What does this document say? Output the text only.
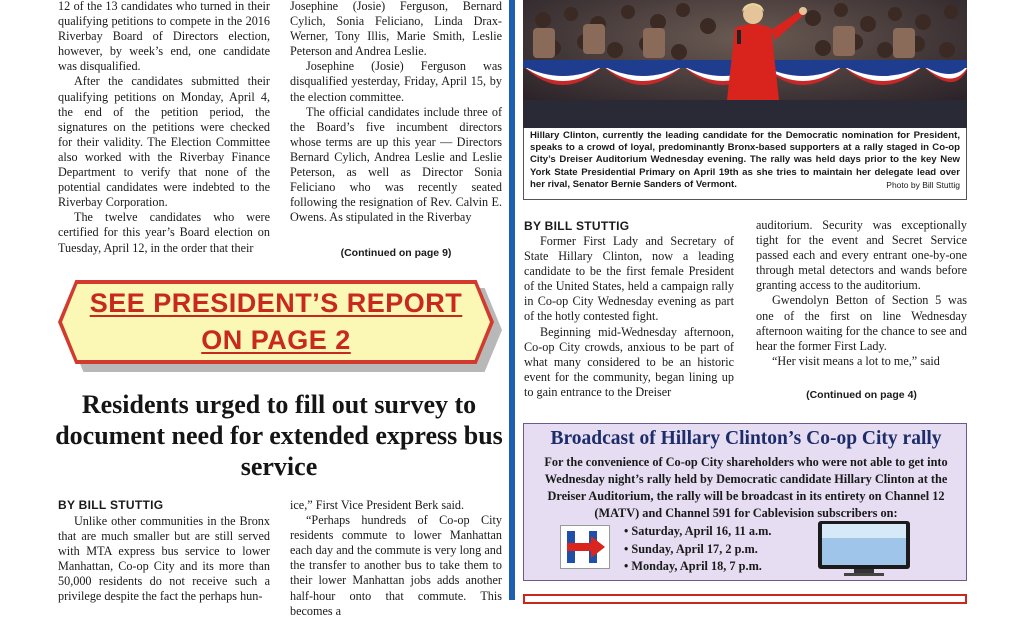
12 of the 13 candidates who turned in their qualifying petitions to compete in the 2016 Riverbay Board of Directors election, however, by week’s end, one candidate was disqualified.

After the candidates submitted their qualifying petitions on Monday, April 4, the end of the petition period, the signatures on the petitions were checked for their validity. The Election Committee also worked with the Riverbay Finance Department to verify that none of the potential candidates were indebted to the Riverbay Corporation.

The twelve candidates who were certified for this year’s Board election on Tuesday, April 12, in the order that their

Josephine (Josie) Ferguson, Bernard Cylich, Sonia Feliciano, Linda Drax-Werner, Tony Illis, Marie Smith, Leslie Peterson and Andrea Leslie.

Josephine (Josie) Ferguson was disqualified yesterday, Friday, April 15, by the election committee.

The official candidates include three of the Board’s five incumbent directors whose terms are up this year — Directors Bernard Cylich, Andrea Leslie and Leslie Peterson, as well as Director Sonia Feliciano who was recently seated following the resignation of Rev. Calvin E. Owens. As stipulated in the Riverbay

(Continued on page 9)
SEE PRESIDENT’S REPORT
ON PAGE 2
Residents urged to fill out survey to document need for extended express bus service
BY BILL STUTTIG

Unlike other communities in the Bronx that are much smaller but are still served with MTA express bus service to lower Manhattan, Co-op City and its more than 50,000 residents do not receive such a privilege despite the fact the perhaps hun-

ice,” First Vice President Berk said.

“Perhaps hundreds of Co-op City residents commute to lower Manhattan each day and the commute is very long and the transfer to another bus to take them to their lower Manhattan jobs adds another half-hour onto that commute. This becomes a

Hillary Clinton, currently the leading candidate for the Democratic nomination for President, speaks to a crowd of loyal, predominantly Bronx-based supporters at a rally staged in Co-op City’s Dreiser Auditorium Wednesday evening. The rally was held days prior to the key New York State Presidential Primary on April 19th as she tries to maintain her delegate lead over her rival, Senator Bernie Sanders of Vermont.	Photo by Bill Stuttig
BY BILL STUTTIG

Former First Lady and Secretary of State Hillary Clinton, now a leading candidate to be the first female President of the United States, held a campaign rally in Co-op City Wednesday evening as part of the hotly contested fight.

Beginning mid-Wednesday afternoon, Co-op City crowds, anxious to be part of what many considered to be an historic event for the community, began lining up to gain entrance to the Dreiser

auditorium. Security was exceptionally tight for the event and Secret Service passed each and every entrant one-by-one through metal detectors and wands before granting access to the auditorium.

Gwendolyn Betton of Section 5 was one of the first on line Wednesday afternoon waiting for the chance to see and hear the former First Lady.

“Her visit means a lot to me,” said

(Continued on page 4)
Broadcast of Hillary Clinton’s Co-op City rally
For the convenience of Co-op City shareholders who were not able to get into Wednesday night’s rally held by Democratic candidate Hillary Clinton at the Dreiser Auditorium, the rally will be broadcast in its entirety on Channel 12 (MATV) and Channel 591 for Cablevision subscribers on:
• Saturday, April 16, 11 a.m.
• Sunday, April 17, 2 p.m.
• Monday, April 18, 7 p.m.
